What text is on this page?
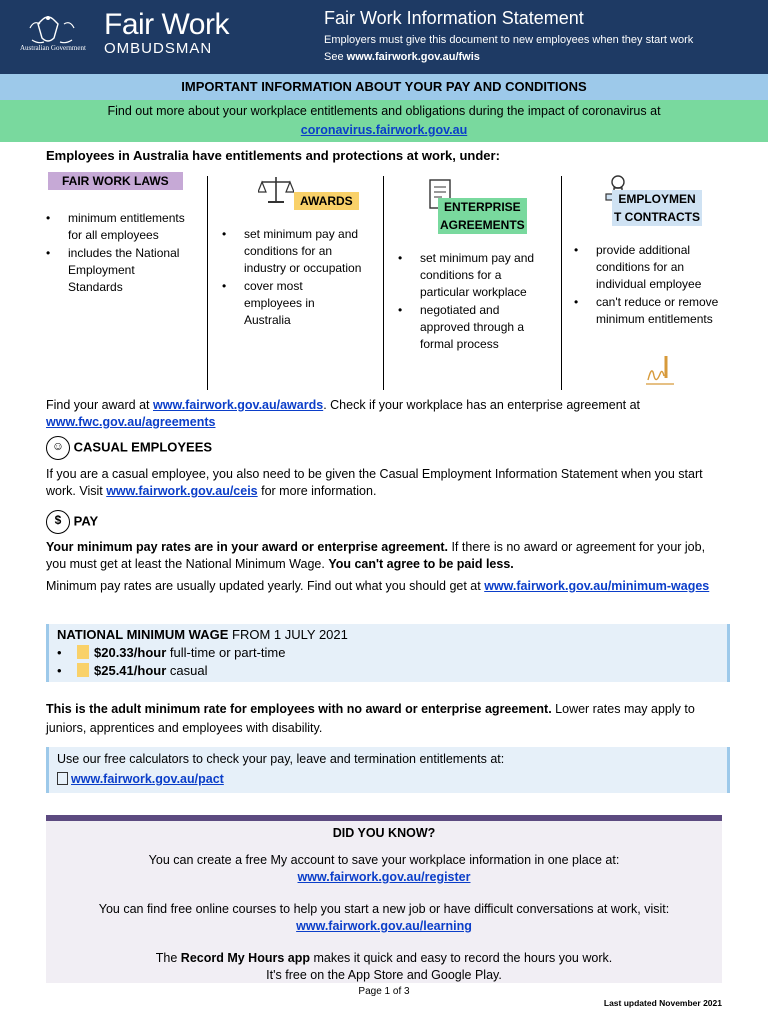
Australian Government
Fair Work
OMBUDSMAN
Fair Work Information Statement
Employers must give this document to new employees when they start work
See www.fairwork.gov.au/fwis
IMPORTANT INFORMATION ABOUT YOUR PAY AND CONDITIONS
Find out more about your workplace entitlements and obligations during the impact of coronavirus at
coronavirus.fairwork.gov.au
Employees in Australia have entitlements and protections at work, under:
FAIR WORK LAWS
• minimum entitlements for all employees
• includes the National Employment Standards
AWARDS
• set minimum pay and conditions for an industry or occupation
• cover most employees in Australia
ENTERPRISE
AGREEMENTS
• set minimum pay and conditions for a particular workplace
• negotiated and approved through a formal process
EMPLOYMEN
T CONTRACTS
• provide additional conditions for an individual employee
• can't reduce or remove minimum entitlements
Find your award at www.fairwork.gov.au/awards. Check if your workplace has an enterprise agreement at
www.fwc.gov.au/agreements
☺ CASUAL EMPLOYEES
If you are a casual employee, you also need to be given the Casual Employment Information Statement when you start work. Visit www.fairwork.gov.au/ceis for more information.
$ PAY
Your minimum pay rates are in your award or enterprise agreement. If there is no award or agreement for your job, you must get at least the National Minimum Wage. You can't agree to be paid less.
Minimum pay rates are usually updated yearly. Find out what you should get at www.fairwork.gov.au/minimum-wages
NATIONAL MINIMUM WAGE FROM 1 JULY 2021
• $20.33/hour full-time or part-time
• $25.41/hour casual
This is the adult minimum rate for employees with no award or enterprise agreement. Lower rates may apply to juniors, apprentices and employees with disability.
Use our free calculators to check your pay, leave and termination entitlements at:
www.fairwork.gov.au/pact

DID YOU KNOW?

You can create a free My account to save your workplace information in one place at:

www.fairwork.gov.au/register

You can find free online courses to help you start a new job or have difficult conversations at work, visit:

www.fairwork.gov.au/learning

The Record My Hours app makes it quick and easy to record the hours you work.

It's free on the App Store and Google Play.

Page 1 of 3
Last updated November 2021
